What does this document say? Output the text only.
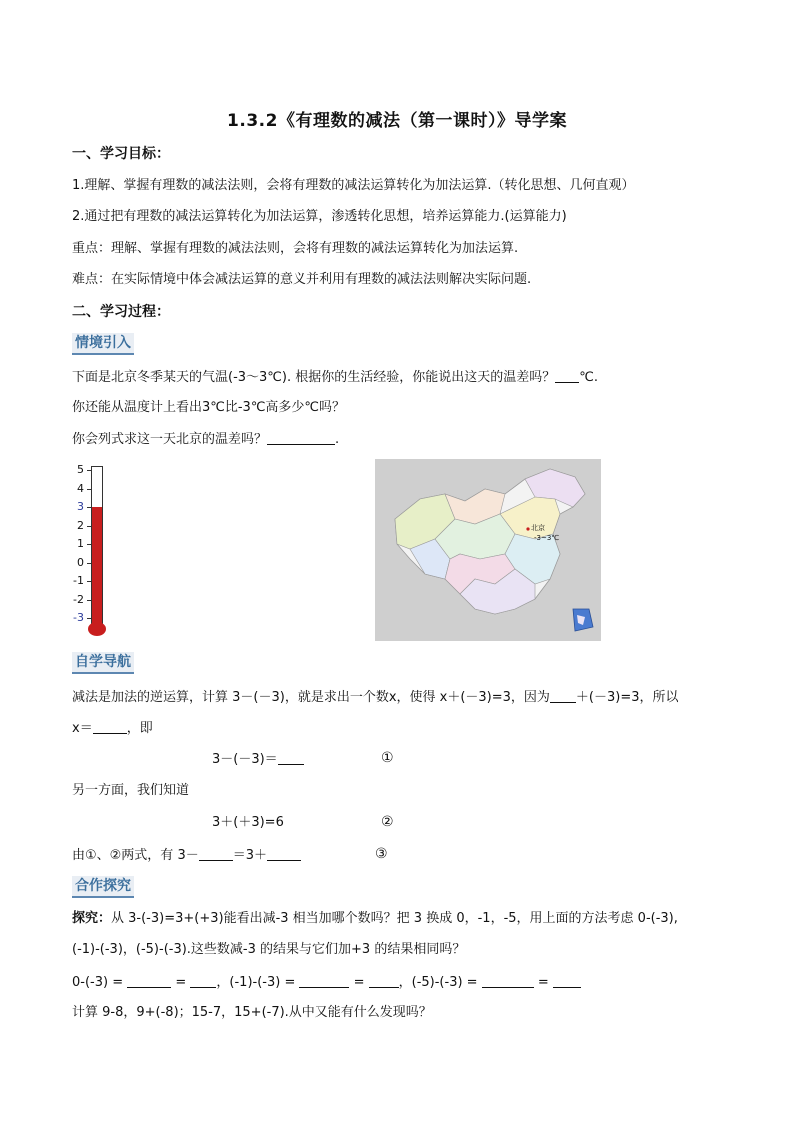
1.3.2《有理数的减法（第一课时）》导学案
一、学习目标：
1.理解、掌握有理数的减法法则，会将有理数的减法运算转化为加法运算.（转化思想、几何直观）
2.通过把有理数的减法运算转化为加法运算，渗透转化思想，培养运算能力.(运算能力)
重点：理解、掌握有理数的减法法则，会将有理数的减法运算转化为加法运算.
难点：在实际情境中体会减法运算的意义并利用有理数的减法法则解决实际问题.
二、学习过程：
情境引入
下面是北京冬季某天的气温(-3～3℃). 根据你的生活经验，你能说出这天的温差吗？ ℃.
你还能从温度计上看出3℃比-3℃高多少℃吗？
你会列式求这一天北京的温差吗？	.
5
4
3
2
1
0
-1
-2
-3
北京
-3~3℃
自学导航
减法是加法的逆运算，计算 3－(－3)，就是求出一个数x，使得 x＋(－3)=3，因为 ＋(－3)=3，所以
x＝	，即
3－(－3)＝	①
另一方面，我们知道
3＋(＋3)=6	②
由①、②两式，有 3－	＝3＋	③
合作探究
探究：从 3-(-3)=3+(+3)能看出减-3 相当加哪个数吗？把 3 换成 0，-1，-5，用上面的方法考虑 0-(-3),
(-1)-(-3)，(-5)-(-3).这些数减-3 的结果与它们加+3 的结果相同吗？
0-(-3) =	= ，(-1)-(-3) =	= ，(-5)-(-3) =	=
计算 9-8，9+(-8)；15-7，15+(-7).从中又能有什么发现吗？
